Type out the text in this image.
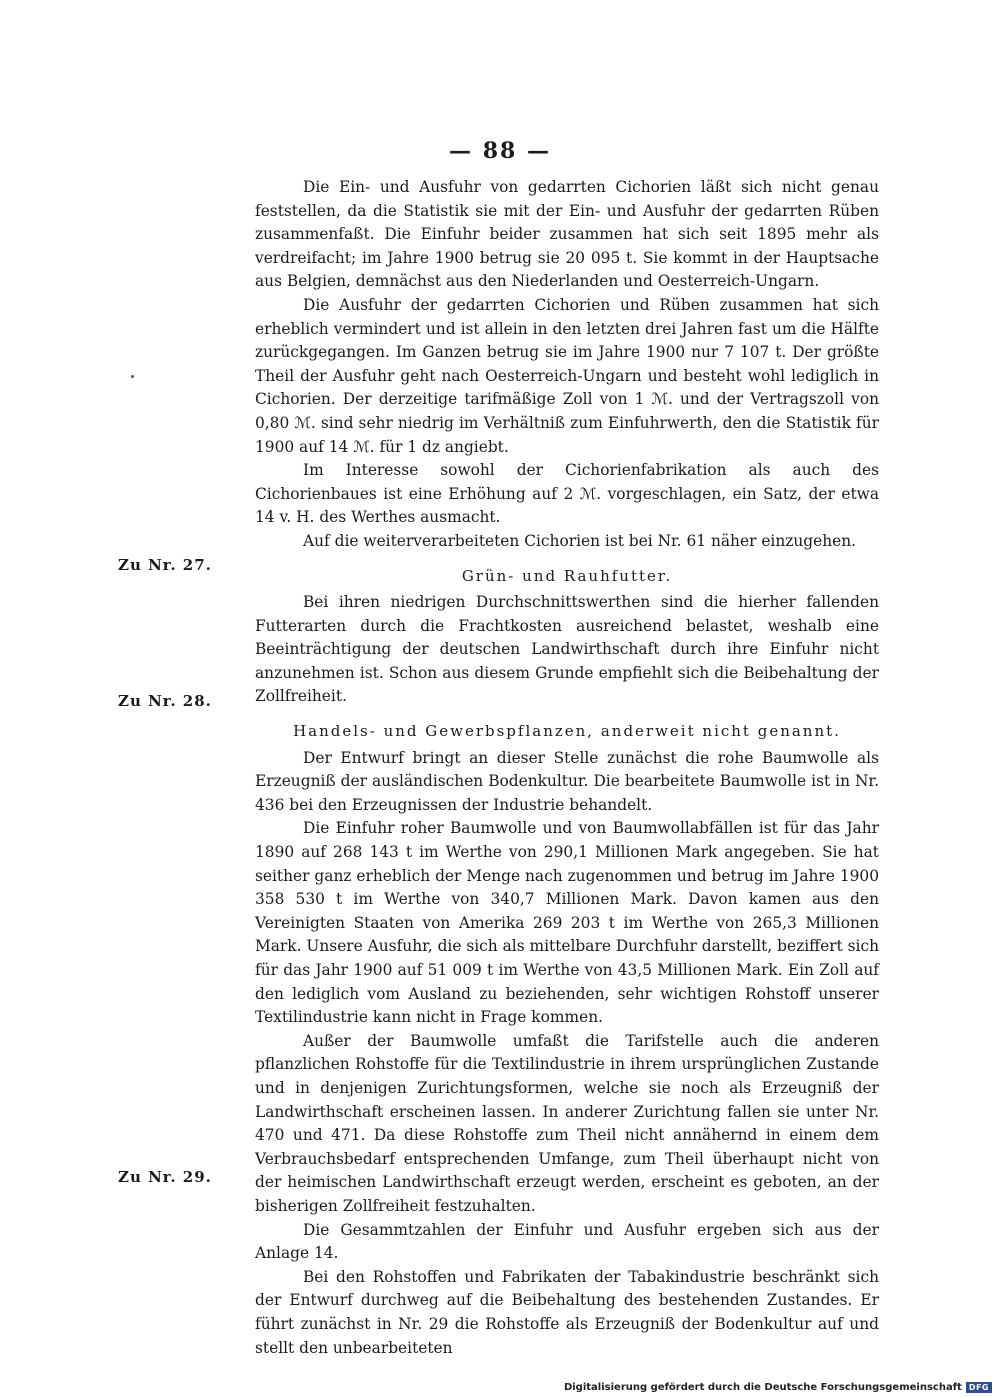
— 88 —
Zu Nr. 27.
Zu Nr. 28.
Zu Nr. 29.

Die Ein- und Ausfuhr von gedarrten Cichorien läßt sich nicht genau feststellen, da die Statistik sie mit der Ein- und Ausfuhr der gedarrten Rüben zusammenfaßt. Die Einfuhr beider zusammen hat sich seit 1895 mehr als verdreifacht; im Jahre 1900 betrug sie 20 095 t. Sie kommt in der Hauptsache aus Belgien, demnächst aus den Niederlanden und Oesterreich-Ungarn.

Die Ausfuhr der gedarrten Cichorien und Rüben zusammen hat sich erheblich vermindert und ist allein in den letzten drei Jahren fast um die Hälfte zurückgegangen. Im Ganzen betrug sie im Jahre 1900 nur 7 107 t. Der größte Theil der Ausfuhr geht nach Oesterreich-Ungarn und besteht wohl lediglich in Cichorien. Der derzeitige tarifmäßige Zoll von 1 ℳ. und der Vertragszoll von 0,80 ℳ. sind sehr niedrig im Verhältniß zum Einfuhrwerth, den die Statistik für 1900 auf 14 ℳ. für 1 dz angiebt.

Im Interesse sowohl der Cichorienfabrikation als auch des Cichorienbaues ist eine Erhöhung auf 2 ℳ. vorgeschlagen, ein Satz, der etwa 14 v. H. des Werthes ausmacht.

Auf die weiterverarbeiteten Cichorien ist bei Nr. 61 näher einzugehen.

Grün- und Rauhfutter.

Bei ihren niedrigen Durchschnittswerthen sind die hierher fallenden Futterarten durch die Frachtkosten ausreichend belastet, weshalb eine Beeinträchtigung der deutschen Landwirthschaft durch ihre Einfuhr nicht anzunehmen ist. Schon aus diesem Grunde empfiehlt sich die Beibehaltung der Zollfreiheit.

Handels- und Gewerbspflanzen, anderweit nicht genannt.

Der Entwurf bringt an dieser Stelle zunächst die rohe Baumwolle als Erzeugniß der ausländischen Bodenkultur. Die bearbeitete Baumwolle ist in Nr. 436 bei den Erzeugnissen der Industrie behandelt.

Die Einfuhr roher Baumwolle und von Baumwollabfällen ist für das Jahr 1890 auf 268 143 t im Werthe von 290,1 Millionen Mark angegeben. Sie hat seither ganz erheblich der Menge nach zugenommen und betrug im Jahre 1900 358 530 t im Werthe von 340,7 Millionen Mark. Davon kamen aus den Vereinigten Staaten von Amerika 269 203 t im Werthe von 265,3 Millionen Mark. Unsere Ausfuhr, die sich als mittelbare Durchfuhr darstellt, beziffert sich für das Jahr 1900 auf 51 009 t im Werthe von 43,5 Millionen Mark. Ein Zoll auf den lediglich vom Ausland zu beziehenden, sehr wichtigen Rohstoff unserer Textilindustrie kann nicht in Frage kommen.

Außer der Baumwolle umfaßt die Tarifstelle auch die anderen pflanzlichen Rohstoffe für die Textilindustrie in ihrem ursprünglichen Zustande und in denjenigen Zurichtungsformen, welche sie noch als Erzeugniß der Landwirthschaft erscheinen lassen. In anderer Zurichtung fallen sie unter Nr. 470 und 471. Da diese Rohstoffe zum Theil nicht annähernd in einem dem Verbrauchsbedarf entsprechenden Umfange, zum Theil überhaupt nicht von der heimischen Landwirthschaft erzeugt werden, erscheint es geboten, an der bisherigen Zollfreiheit festzuhalten.

Die Gesammtzahlen der Einfuhr und Ausfuhr ergeben sich aus der Anlage 14.

Bei den Rohstoffen und Fabrikaten der Tabakindustrie beschränkt sich der Entwurf durchweg auf die Beibehaltung des bestehenden Zustandes. Er führt zunächst in Nr. 29 die Rohstoffe als Erzeugniß der Bodenkultur auf und stellt den unbearbeiteten

Digitalisierung gefördert durch die Deutsche Forschungsgemeinschaft DFG
